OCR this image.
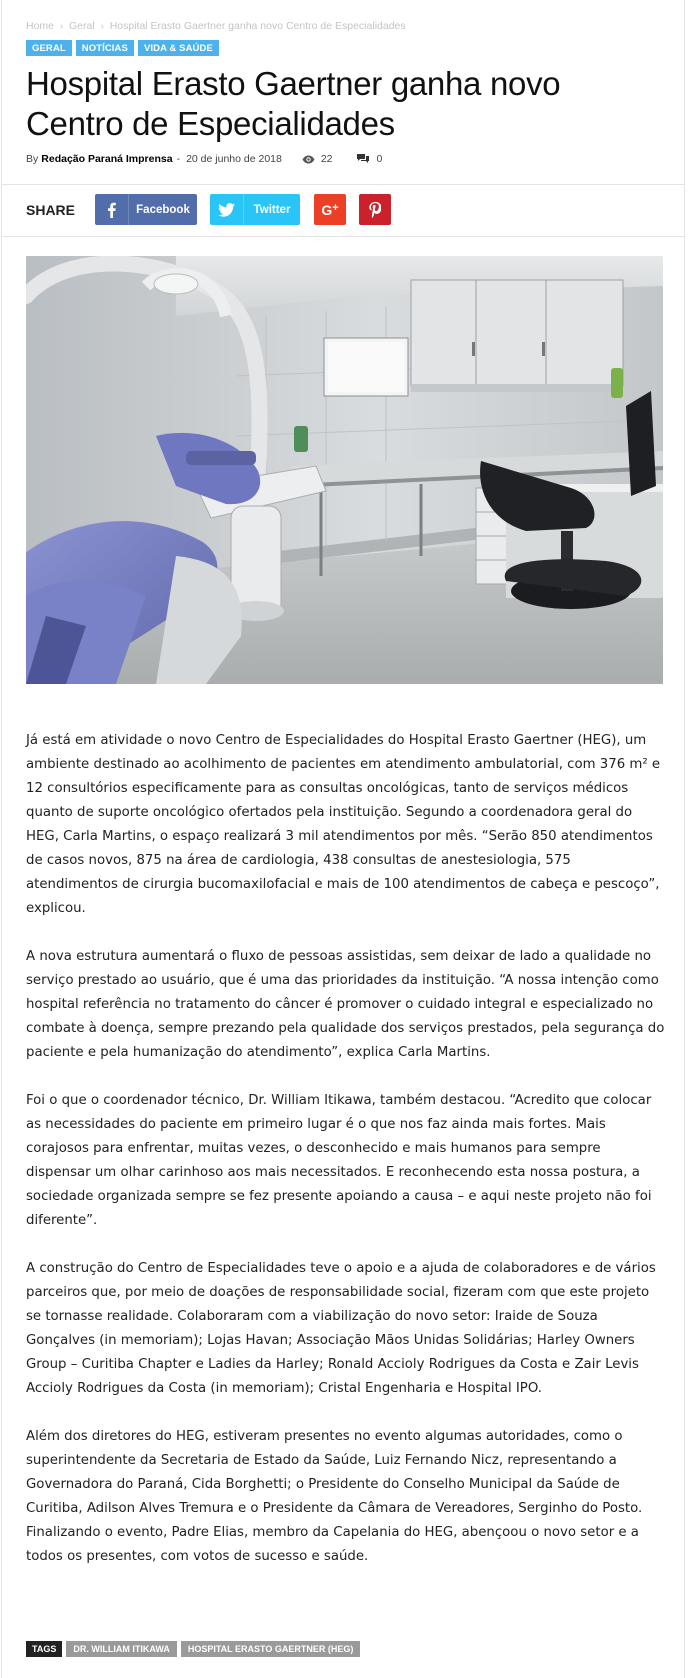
Home › Geral › Hospital Erasto Gaertner ganha novo Centro de Especialidades
GERAL	NOTÍCIAS	VIDA & SAÚDE
Hospital Erasto Gaertner ganha novo Centro de Especialidades
By Redação Paraná Imprensa - 20 de junho de 2018	22	0
SHARE	Facebook	Twitter	G+

Já está em atividade o novo Centro de Especialidades do Hospital Erasto Gaertner (HEG), um ambiente destinado ao acolhimento de pacientes em atendimento ambulatorial, com 376 m² e 12 consultórios especificamente para as consultas oncológicas, tanto de serviços médicos quanto de suporte oncológico ofertados pela instituição. Segundo a coordenadora geral do HEG, Carla Martins, o espaço realizará 3 mil atendimentos por mês. “Serão 850 atendimentos de casos novos, 875 na área de cardiologia, 438 consultas de anestesiologia, 575 atendimentos de cirurgia bucomaxilofacial e mais de 100 atendimentos de cabeça e pescoço”, explicou.

A nova estrutura aumentará o fluxo de pessoas assistidas, sem deixar de lado a qualidade no serviço prestado ao usuário, que é uma das prioridades da instituição. “A nossa intenção como hospital referência no tratamento do câncer é promover o cuidado integral e especializado no combate à doença, sempre prezando pela qualidade dos serviços prestados, pela segurança do paciente e pela humanização do atendimento”, explica Carla Martins.

Foi o que o coordenador técnico, Dr. William Itikawa, também destacou. “Acredito que colocar as necessidades do paciente em primeiro lugar é o que nos faz ainda mais fortes. Mais corajosos para enfrentar, muitas vezes, o desconhecido e mais humanos para sempre dispensar um olhar carinhoso aos mais necessitados. E reconhecendo esta nossa postura, a sociedade organizada sempre se fez presente apoiando a causa – e aqui neste projeto não foi diferente”.

A construção do Centro de Especialidades teve o apoio e a ajuda de colaboradores e de vários parceiros que, por meio de doações de responsabilidade social, fizeram com que este projeto se tornasse realidade. Colaboraram com a viabilização do novo setor: Iraide de Souza Gonçalves (in memoriam); Lojas Havan; Associação Mãos Unidas Solidárias; Harley Owners Group – Curitiba Chapter e Ladies da Harley; Ronald Accioly Rodrigues da Costa e Zair Levis Accioly Rodrigues da Costa (in memoriam); Cristal Engenharia e Hospital IPO.

Além dos diretores do HEG, estiveram presentes no evento algumas autoridades, como o superintendente da Secretaria de Estado da Saúde, Luiz Fernando Nicz, representando a Governadora do Paraná, Cida Borghetti; o Presidente do Conselho Municipal da Saúde de Curitiba, Adilson Alves Tremura e o Presidente da Câmara de Vereadores, Serginho do Posto. Finalizando o evento, Padre Elias, membro da Capelania do HEG, abençoou o novo setor e a todos os presentes, com votos de sucesso e saúde.

TAGS	DR. WILLIAM ITIKAWA	HOSPITAL ERASTO GAERTNER (HEG)
